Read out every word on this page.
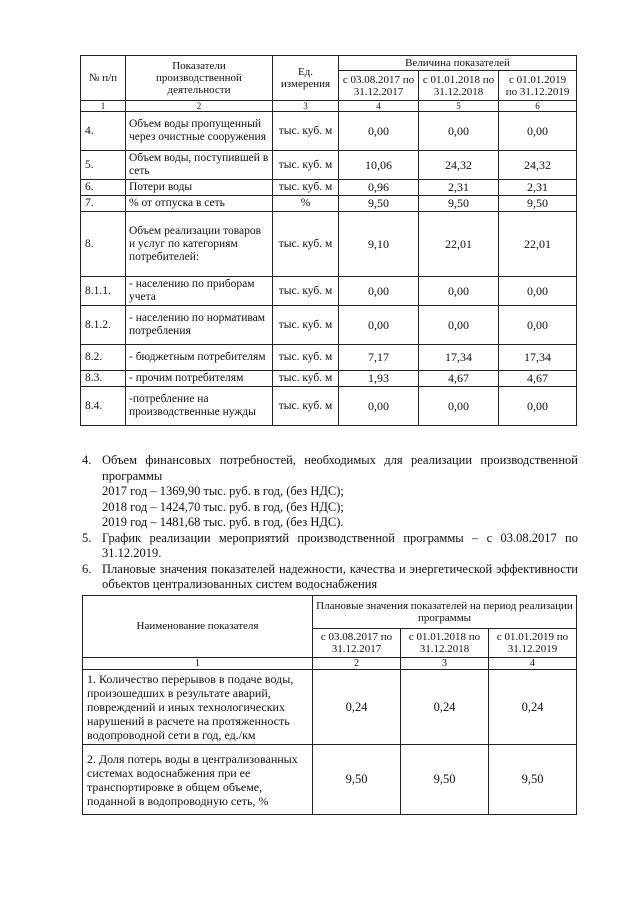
№ п/п	Показатели производственной деятельности	Ед. измерения	Величина показателей		
			с 03.08.2017 по 31.12.2017	с 01.01.2018 по 31.12.2018	с 01.01.2019 по 31.12.2019
1	2	3	4	5	6
4.	Объем воды пропущенный через очистные сооружения	тыс. куб. м	0,00	0,00	0,00
5.	Объем воды, поступившей в сеть	тыс. куб. м	10,06	24,32	24,32
6.	Потери воды	тыс. куб. м	0,96	2,31	2,31
7.	% от отпуска в сеть	%	9,50	9,50	9,50
8.	Объем реализации товаров и услуг по категориям потребителей:	тыс. куб. м	9,10	22,01	22,01
8.1.1.	- населению по приборам учета	тыс. куб. м	0,00	0,00	0,00
8.1.2.	- населению по нормативам потребления	тыс. куб. м	0,00	0,00	0,00
8.2.	- бюджетным потребителям	тыс. куб. м	7,17	17,34	17,34
8.3.	- прочим потребителям	тыс. куб. м	1,93	4,67	4,67
8.4.	-потребление на производственные нужды	тыс. куб. м	0,00	0,00	0,00
4. Объем финансовых потребностей, необходимых для реализации производственной программы
2017 год – 1369,90 тыс. руб. в год, (без НДС);
2018 год – 1424,70 тыс. руб. в год, (без НДС);
2019 год – 1481,68 тыс. руб. в год, (без НДС).
5. График реализации мероприятий производственной программы – с 03.08.2017 по 31.12.2019.
6. Плановые значения показателей надежности, качества и энергетической эффективности объектов централизованных систем водоснабжения
Наименование показателя	Плановые значения показателей на период реализации программы		
	с 03.08.2017 по 31.12.2017	с 01.01.2018 по 31.12.2018	с 01.01.2019 по 31.12.2019
1	2	3	4
1. Количество перерывов в подаче воды, произошедших в результате аварий, повреждений и иных технологических нарушений в расчете на протяженность водопроводной сети в год, ед./км	0,24	0,24	0,24
2. Доля потерь воды в централизованных системах водоснабжения при ее транспортировке в общем объеме, поданной в водопроводную сеть, %	9,50	9,50	9,50
